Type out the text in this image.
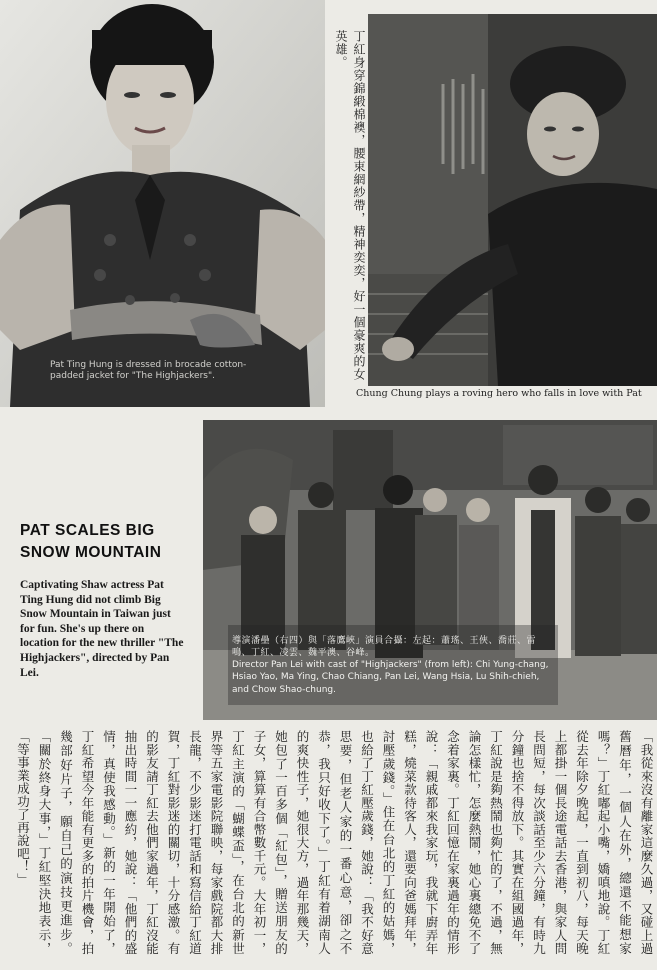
Pat Ting Hung is dressed in brocade cotton-padded jacket for "The Highjackers".	丁紅身穿錦緞棉襖，腰束網紗帶，精神奕奕，好一個豪爽的女英雄。
Chung Chung plays a roving hero who falls in love with Pat
PAT SCALES BIG SNOW MOUNTAIN
Captivating Shaw actress Pat Ting Hung did not climb Big Snow Mountain in Taiwan just for fun. She's up there on location for the new thriller "The Highjackers", directed by Pan Lei.
導演潘壘（右四）與「落鷹峽」演員合攝：左起：蕭瑤、王俠、喬莊、雷鳴、丁紅、凌雲、魏平澳、谷峰。
Director Pan Lei with cast of "Highjackers" (from left): Chi Yung-chang, Hsiao Yao, Ma Ying, Chao Chiang, Pan Lei, Wang Hsia, Lu Shih-chieh, and Chow Shao-chung.
「我從來沒有離家這麼久過，又碰上過舊曆年，一個人在外，總還不能想家嗎？」丁紅嘟起小嘴，嬌嗔地說。丁紅從去年除夕晚起，一直到初八，每天晚上都掛一個長途電話去香港，與家人問長問短，每次談話至少六分鐘，有時九分鐘也捨不得放下。其實在組國過年，丁紅說是夠熱鬧也夠忙的了，不過，無論怎樣忙，怎麼熱鬧，她心裏總免不了念着家裏。丁紅回憶在家裏過年的情形說：「親戚都來我家玩，我就下廚弄年糕，燒菜款待客人，還要向爸媽拜年，討壓歲錢。」住在台北的丁紅的姑媽，也給了丁紅壓歲錢，她說：「我不好意思要，但老人家的一番心意，卻之不恭，我只好收下了。」丁紅有着湖南人的爽快性子，她很大方，過年那幾天，她包了一百多個「紅包」，贈送朋友的子女，算算有合幣數千元。大年初一，丁紅主演的「蝴蝶盃」，在台北的新世界等五家電影院聯映，每家戲院都大排長龍，不少影迷打電話和寫信給丁紅道賀，丁紅對影迷的關切，十分感激。有的影友請丁紅去他們家過年，丁紅沒能抽出時間一一應約，她說：「他們的盛情，真使我感動。」新的一年開始了，丁紅希望今年能有更多的拍片機會，拍幾部好片子，願自己的演技更進步。「關於終身大事，」丁紅堅決地表示，「等事業成功了再說吧！」
